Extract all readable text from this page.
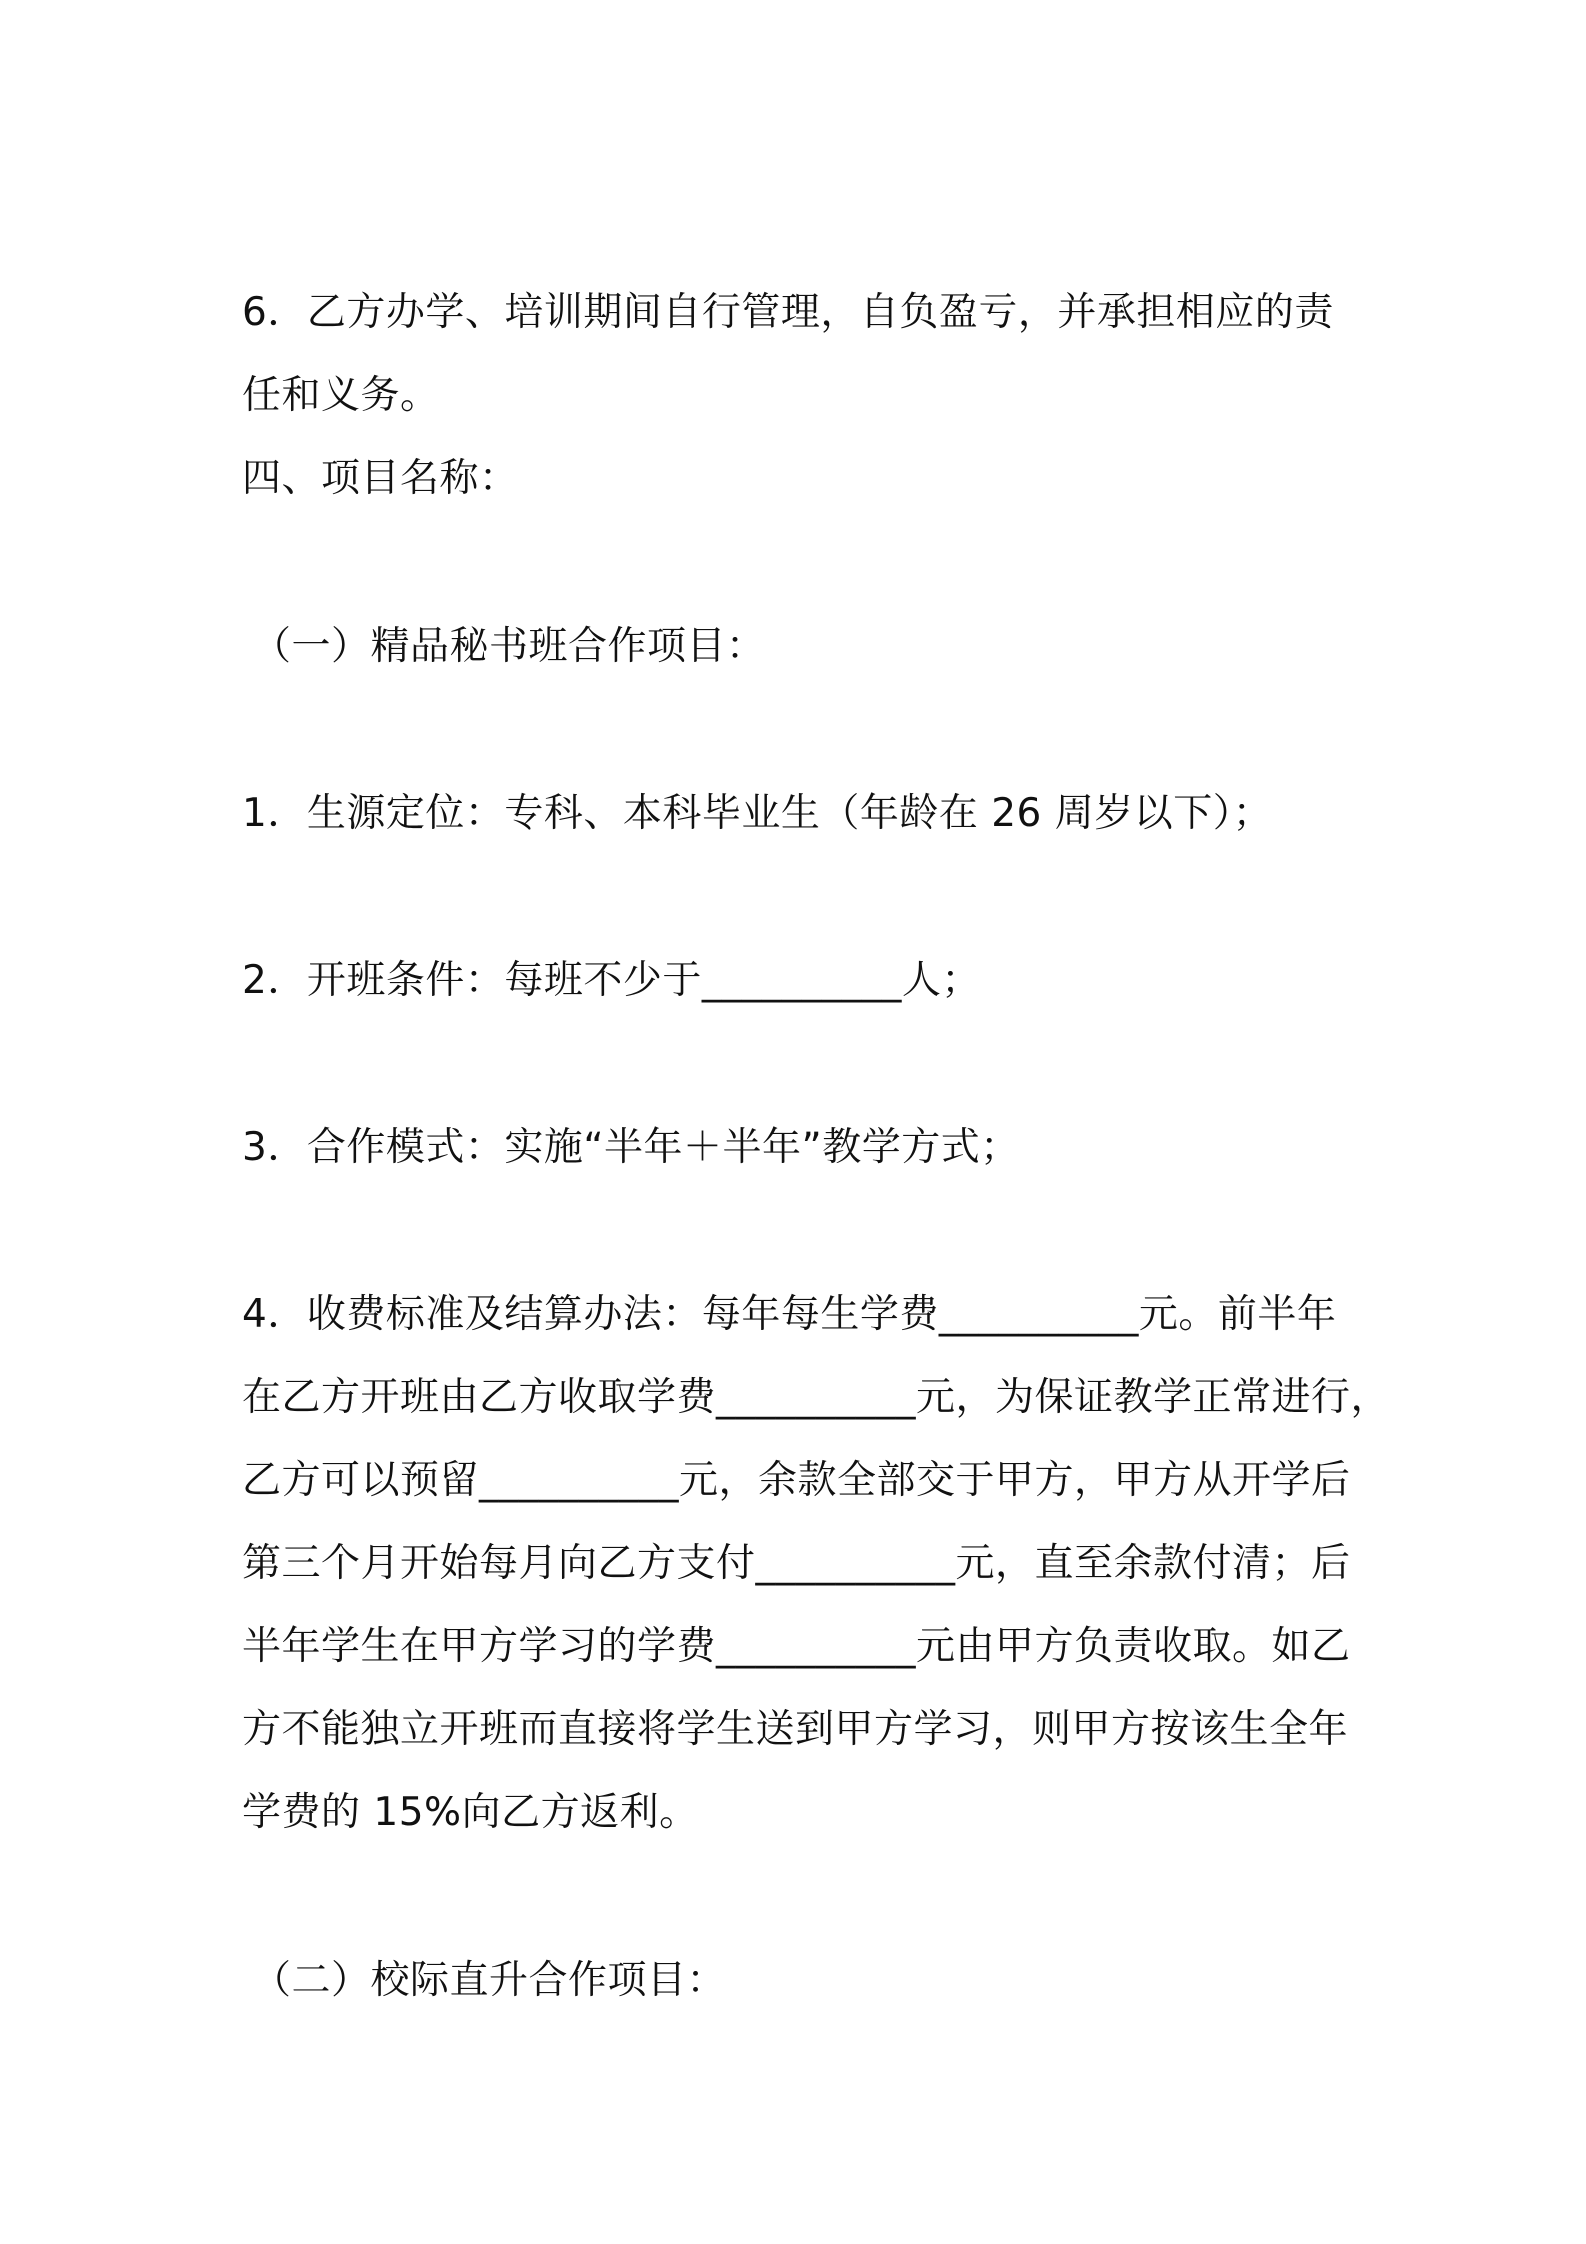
6．乙方办学、培训期间自行管理，自负盈亏，并承担相应的责
任和义务。
四、项目名称：
（一）精品秘书班合作项目：
1．生源定位：专科、本科毕业生（年龄在 26 周岁以下）；
2．开班条件：每班不少于__________人；
3．合作模式：实施“半年＋半年”教学方式；
4．收费标准及结算办法：每年每生学费__________元。前半年
在乙方开班由乙方收取学费__________元，为保证教学正常进行，
乙方可以预留__________元，余款全部交于甲方，甲方从开学后
第三个月开始每月向乙方支付__________元，直至余款付清；后
半年学生在甲方学习的学费__________元由甲方负责收取。如乙
方不能独立开班而直接将学生送到甲方学习，则甲方按该生全年
学费的 15%向乙方返利。
（二）校际直升合作项目：
